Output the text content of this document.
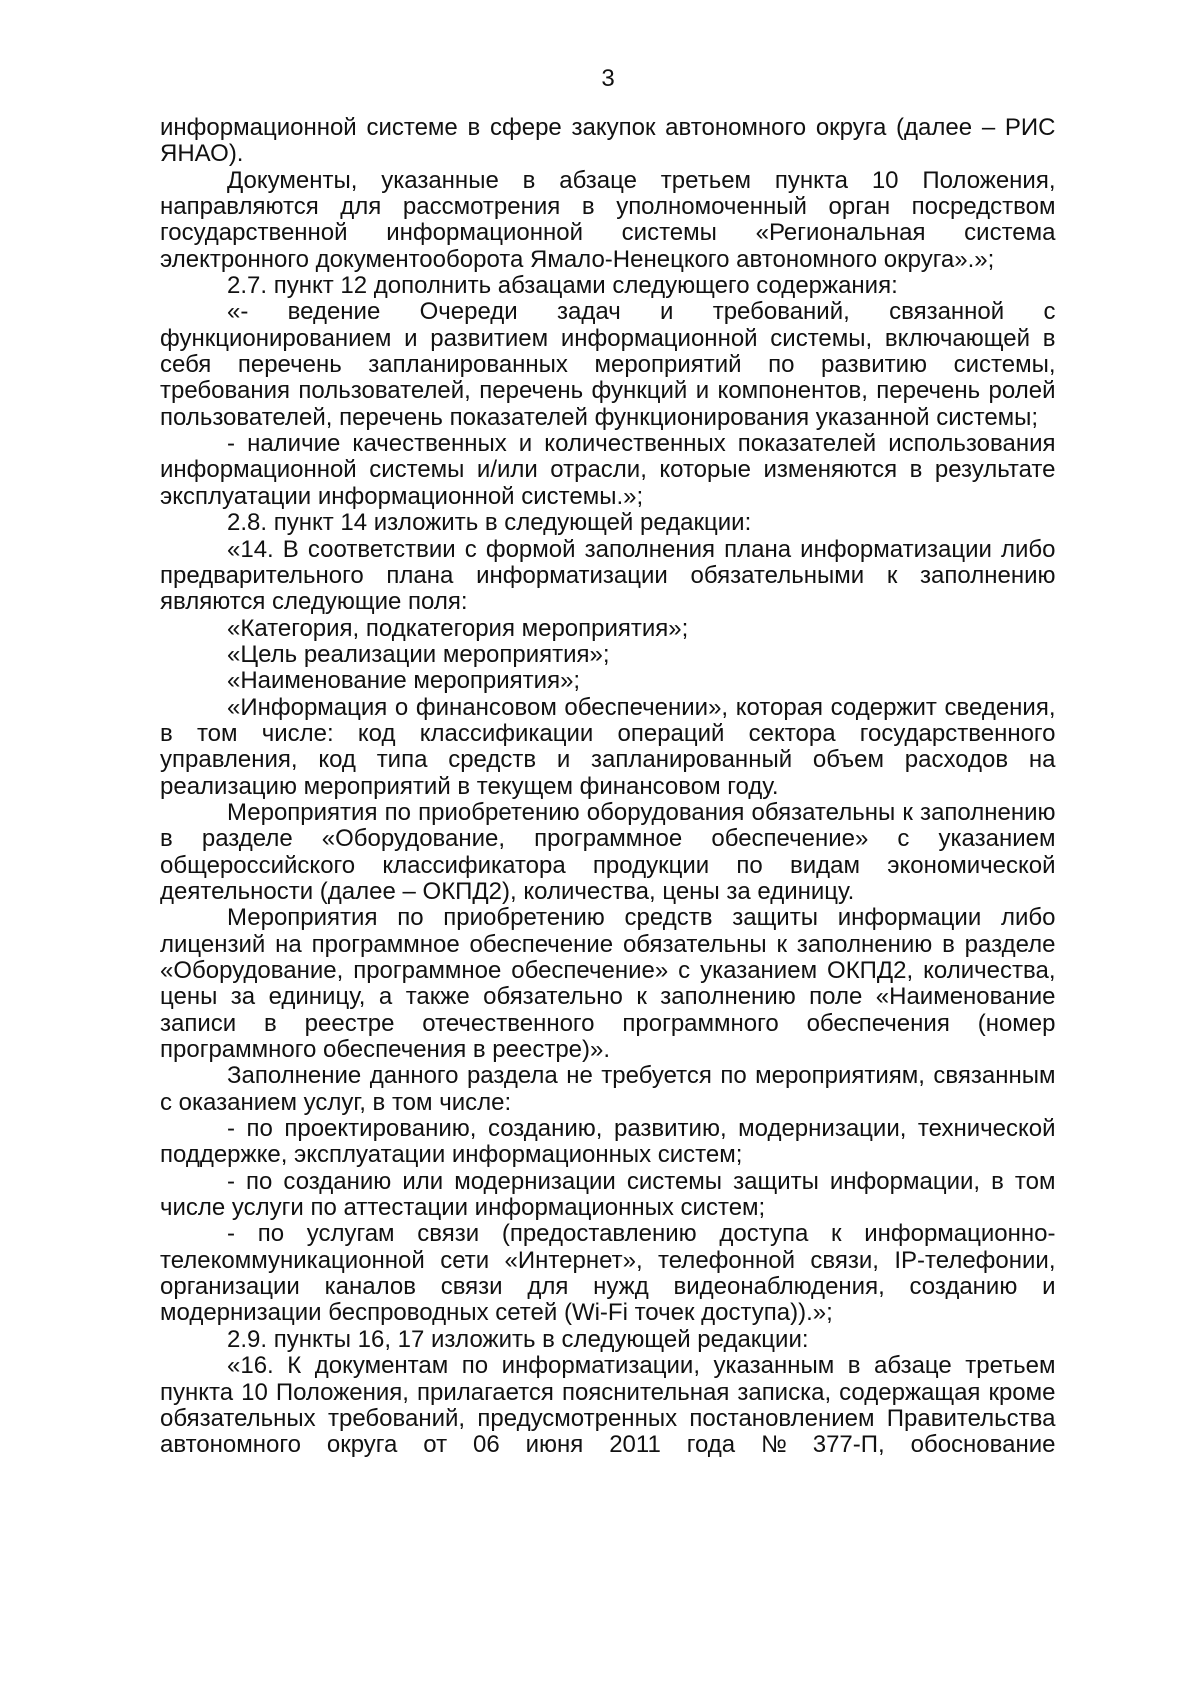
3
информационной системе в сфере закупок автономного округа (далее – РИС
ЯНАО).
Документы, указанные в абзаце третьем пункта 10 Положения,
направляются для рассмотрения в уполномоченный орган посредством
государственной информационной системы «Региональная система
электронного документооборота Ямало-Ненецкого автономного округа».»;
2.7. пункт 12 дополнить абзацами следующего содержания:
«- ведение Очереди задач и требований, связанной с
функционированием и развитием информационной системы, включающей в
себя перечень запланированных мероприятий по развитию системы,
требования пользователей, перечень функций и компонентов, перечень ролей
пользователей, перечень показателей функционирования указанной системы;
- наличие качественных и количественных показателей использования
информационной системы и/или отрасли, которые изменяются в результате
эксплуатации информационной системы.»;
2.8. пункт 14 изложить в следующей редакции:
«14. В соответствии с формой заполнения плана информатизации либо
предварительного плана информатизации обязательными к заполнению
являются следующие поля:
«Категория, подкатегория мероприятия»;
«Цель реализации мероприятия»;
«Наименование мероприятия»;
«Информация о финансовом обеспечении», которая содержит сведения,
в том числе: код классификации операций сектора государственного
управления, код типа средств и запланированный объем расходов на
реализацию мероприятий в текущем финансовом году.
Мероприятия по приобретению оборудования обязательны к заполнению
в разделе «Оборудование, программное обеспечение» с указанием
общероссийского классификатора продукции по видам экономической
деятельности (далее – ОКПД2), количества, цены за единицу.
Мероприятия по приобретению средств защиты информации либо
лицензий на программное обеспечение обязательны к заполнению в разделе
«Оборудование, программное обеспечение» с указанием ОКПД2, количества,
цены за единицу, а также обязательно к заполнению поле «Наименование
записи в реестре отечественного программного обеспечения (номер
программного обеспечения в реестре)».
Заполнение данного раздела не требуется по мероприятиям, связанным
с оказанием услуг, в том числе:
- по проектированию, созданию, развитию, модернизации, технической
поддержке, эксплуатации информационных систем;
- по созданию или модернизации системы защиты информации, в том
числе услуги по аттестации информационных систем;
- по услугам связи (предоставлению доступа к информационно-
телекоммуникационной сети «Интернет», телефонной связи, IP-телефонии,
организации каналов связи для нужд видеонаблюдения, созданию и
модернизации беспроводных сетей (Wi-Fi точек доступа)).»;
2.9. пункты 16, 17 изложить в следующей редакции:
«16. К документам по информатизации, указанным в абзаце третьем
пункта 10 Положения, прилагается пояснительная записка, содержащая кроме
обязательных требований, предусмотренных постановлением Правительства
автономного округа от 06 июня 2011 года № 377-П, обоснование
